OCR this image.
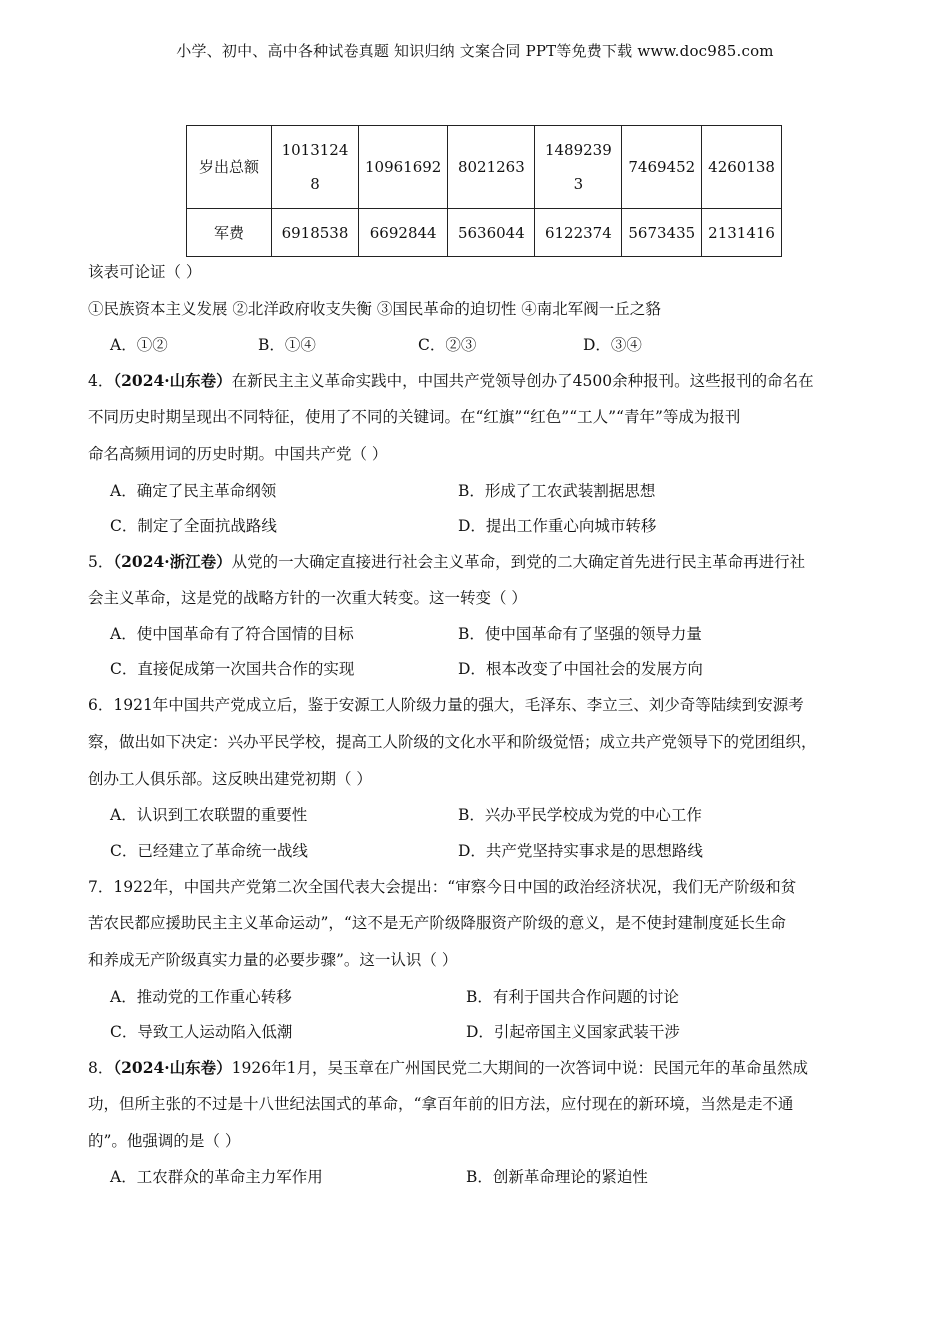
小学、初中、高中各种试卷真题 知识归纳 文案合同 PPT等免费下载 www.doc985.com
岁出总额	10131248	10961692	8021263	14892393	7469452	4260138
军费	6918538	6692844	5636044	6122374	5673435	2131416
该表可论证（ ）
①民族资本主义发展 ②北洋政府收支失衡 ③国民革命的迫切性 ④南北军阀一丘之貉
A．①②	B．①④	C．②③	D．③④
4．（2024·山东卷）在新民主主义革命实践中，中国共产党领导创办了4500余种报刊。这些报刊的命名在
不同历史时期呈现出不同特征，使用了不同的关键词。在“红旗”“红色”“工人”“青年”等成为报刊
命名高频用词的历史时期。中国共产党（ ）
A．确定了民主革命纲领	B．形成了工农武装割据思想
C．制定了全面抗战路线	D．提出工作重心向城市转移
5．（2024·浙江卷）从党的一大确定直接进行社会主义革命，到党的二大确定首先进行民主革命再进行社
会主义革命，这是党的战略方针的一次重大转变。这一转变（ ）
A．使中国革命有了符合国情的目标	B．使中国革命有了坚强的领导力量
C．直接促成第一次国共合作的实现	D．根本改变了中国社会的发展方向
6．1921年中国共产党成立后，鉴于安源工人阶级力量的强大，毛泽东、李立三、刘少奇等陆续到安源考
察，做出如下决定：兴办平民学校，提高工人阶级的文化水平和阶级觉悟；成立共产党领导下的党团组织，
创办工人俱乐部。这反映出建党初期（ ）
A．认识到工农联盟的重要性	B．兴办平民学校成为党的中心工作
C．已经建立了革命统一战线	D．共产党坚持实事求是的思想路线
7．1922年，中国共产党第二次全国代表大会提出：“审察今日中国的政治经济状况，我们无产阶级和贫
苦农民都应援助民主主义革命运动”，“这不是无产阶级降服资产阶级的意义，是不使封建制度延长生命
和养成无产阶级真实力量的必要步骤”。这一认识（ ）
A．推动党的工作重心转移	B．有利于国共合作问题的讨论
C．导致工人运动陷入低潮	D．引起帝国主义国家武装干涉
8．（2024·山东卷）1926年1月，吴玉章在广州国民党二大期间的一次答词中说：民国元年的革命虽然成
功，但所主张的不过是十八世纪法国式的革命，“拿百年前的旧方法，应付现在的新环境，当然是走不通
的”。他强调的是（ ）
A．工农群众的革命主力军作用	B．创新革命理论的紧迫性
